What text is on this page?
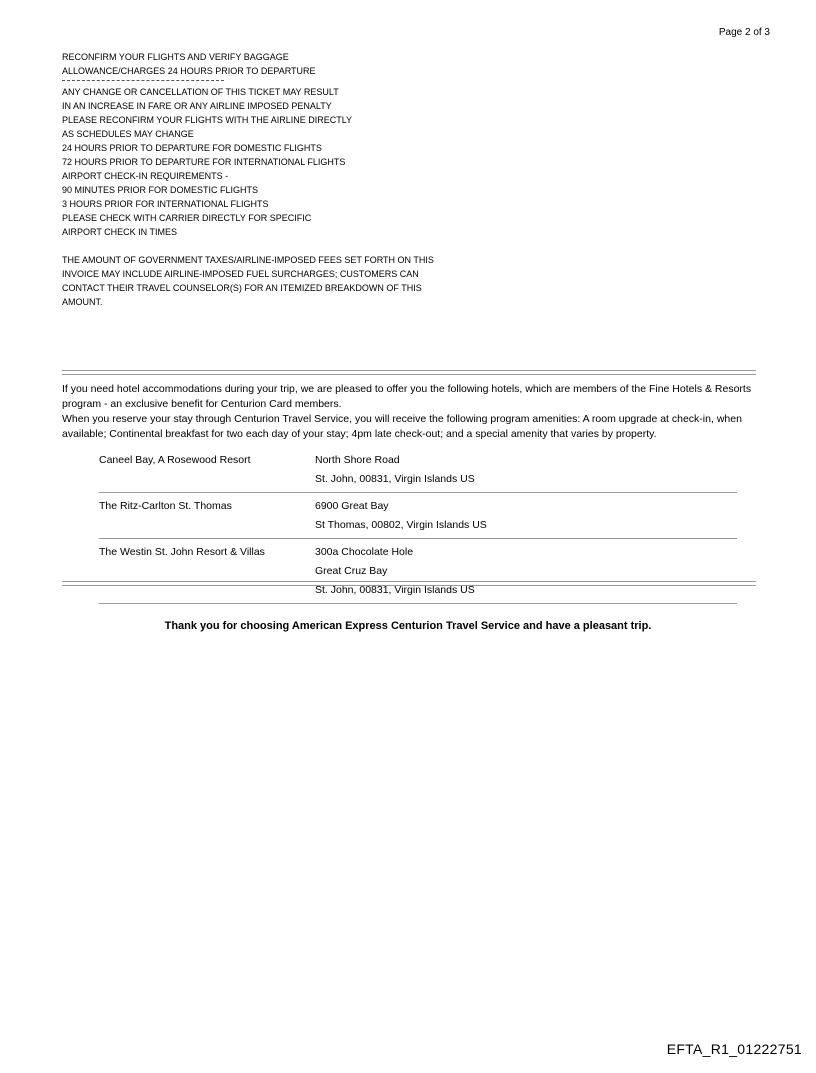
Page 2 of 3
RECONFIRM YOUR FLIGHTS AND VERIFY BAGGAGE
ALLOWANCE/CHARGES 24 HOURS PRIOR TO DEPARTURE
ANY CHANGE OR CANCELLATION OF THIS TICKET MAY RESULT
IN AN INCREASE IN FARE OR ANY AIRLINE IMPOSED PENALTY
PLEASE RECONFIRM YOUR FLIGHTS WITH THE AIRLINE DIRECTLY
AS SCHEDULES MAY CHANGE
24 HOURS PRIOR TO DEPARTURE FOR DOMESTIC FLIGHTS
72 HOURS PRIOR TO DEPARTURE FOR INTERNATIONAL FLIGHTS
AIRPORT CHECK-IN REQUIREMENTS -
90 MINUTES PRIOR FOR DOMESTIC FLIGHTS
3 HOURS PRIOR FOR INTERNATIONAL FLIGHTS
PLEASE CHECK WITH CARRIER DIRECTLY FOR SPECIFIC
AIRPORT CHECK IN TIMES
THE AMOUNT OF GOVERNMENT TAXES/AIRLINE-IMPOSED FEES SET FORTH ON THIS
INVOICE MAY INCLUDE AIRLINE-IMPOSED FUEL SURCHARGES; CUSTOMERS CAN
CONTACT THEIR TRAVEL COUNSELOR(S) FOR AN ITEMIZED BREAKDOWN OF THIS
AMOUNT.

If you need hotel accommodations during your trip, we are pleased to offer you the following hotels, which are members of the Fine Hotels & Resorts program - an exclusive benefit for Centurion Card members.

When you reserve your stay through Centurion Travel Service, you will receive the following program amenities: A room upgrade at check-in, when available; Continental breakfast for two each day of your stay; 4pm late check-out; and a special amenity that varies by property.

Caneel Bay, A Rosewood Resort	North Shore Road
St. John, 00831, Virgin Islands US
The Ritz-Carlton St. Thomas	6900 Great Bay
St Thomas, 00802, Virgin Islands US
The Westin St. John Resort & Villas	300a Chocolate Hole
Great Cruz Bay
St. John, 00831, Virgin Islands US
Thank you for choosing American Express Centurion Travel Service and have a pleasant trip.
EFTA_R1_01222751
